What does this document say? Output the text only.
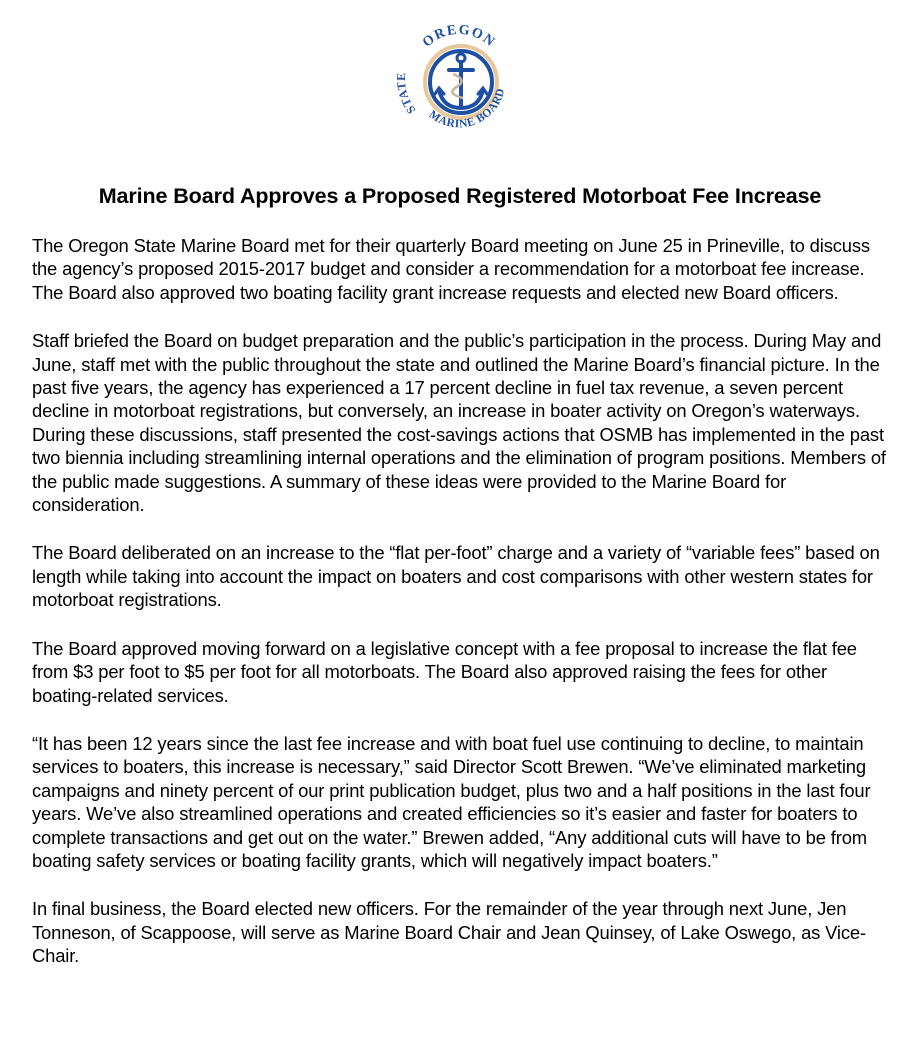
OREGON
STATE
MARINE BOARD
Marine Board Approves a Proposed Registered Motorboat Fee Increase

The Oregon State Marine Board met for their quarterly Board meeting on June 25 in Prineville, to discuss the agency’s proposed 2015-2017 budget and consider a recommendation for a motorboat fee increase. The Board also approved two boating facility grant increase requests and elected new Board officers.

Staff briefed the Board on budget preparation and the public’s participation in the process. During May and June, staff met with the public throughout the state and outlined the Marine Board’s financial picture. In the past five years, the agency has experienced a 17 percent decline in fuel tax revenue, a seven percent decline in motorboat registrations, but conversely, an increase in boater activity on Oregon’s waterways. During these discussions, staff presented the cost-savings actions that OSMB has implemented in the past two biennia including streamlining internal operations and the elimination of program positions. Members of the public made suggestions. A summary of these ideas were provided to the Marine Board for consideration.

The Board deliberated on an increase to the “flat per-foot” charge and a variety of “variable fees” based on length while taking into account the impact on boaters and cost comparisons with other western states for motorboat registrations.

The Board approved moving forward on a legislative concept with a fee proposal to increase the flat fee from $3 per foot to $5 per foot for all motorboats. The Board also approved raising the fees for other boating-related services.

“It has been 12 years since the last fee increase and with boat fuel use continuing to decline, to maintain services to boaters, this increase is necessary,” said Director Scott Brewen. “We’ve eliminated marketing campaigns and ninety percent of our print publication budget, plus two and a half positions in the last four years. We’ve also streamlined operations and created efficiencies so it’s easier and faster for boaters to complete transactions and get out on the water.” Brewen added, “Any additional cuts will have to be from boating safety services or boating facility grants, which will negatively impact boaters.”

In final business, the Board elected new officers. For the remainder of the year through next June, Jen Tonneson, of Scappoose, will serve as Marine Board Chair and Jean Quinsey, of Lake Oswego, as Vice-Chair.
